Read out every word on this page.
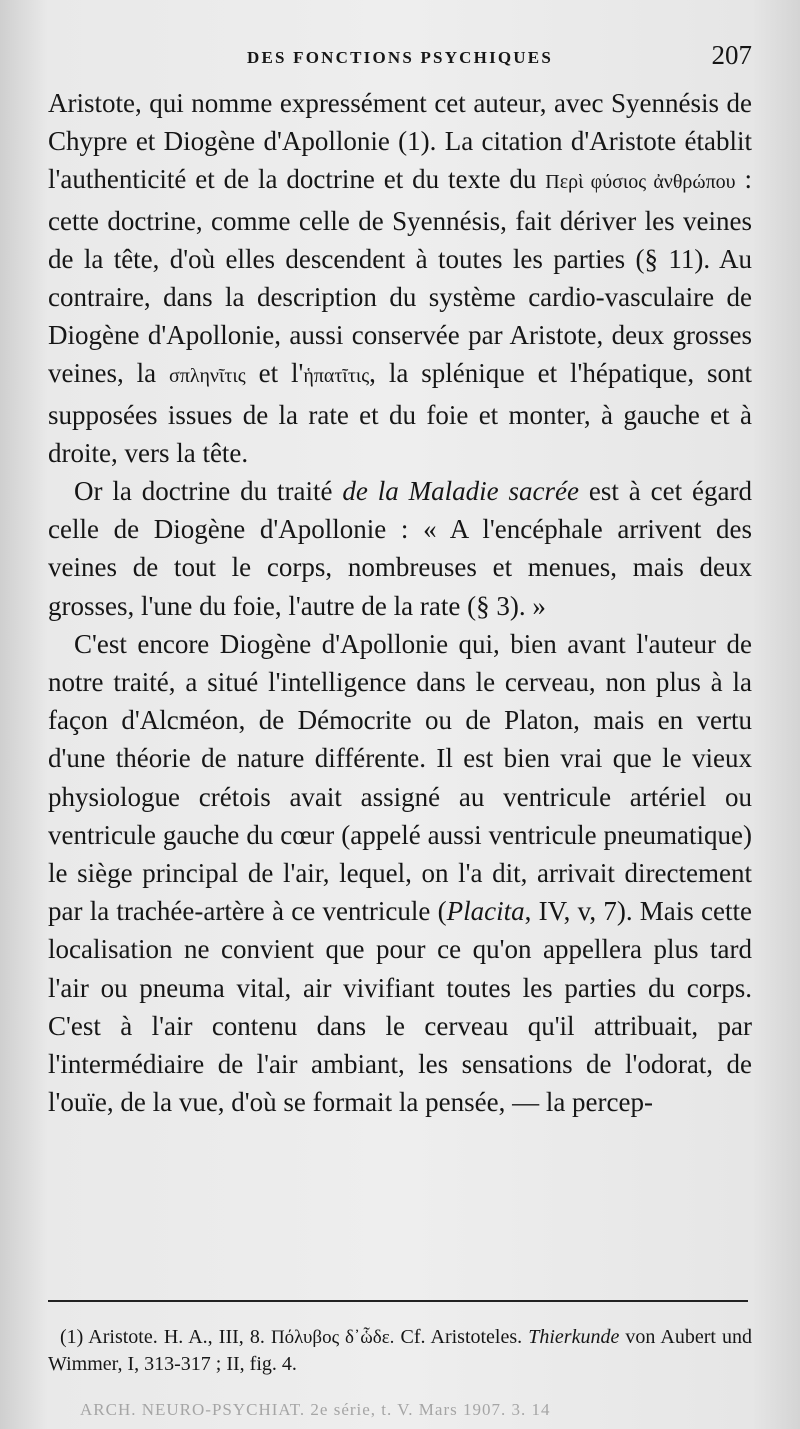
DES FONCTIONS PSYCHIQUES	207

Aristote, qui nomme expressément cet auteur, avec Syennésis de Chypre et Diogène d'Apollonie (1). La citation d'Aristote établit l'authenticité et de la doctrine et du texte du Περὶ φύσιος ἀνθρώπου : cette doctrine, comme celle de Syennésis, fait dériver les veines de la tête, d'où elles descendent à toutes les parties (§ 11). Au contraire, dans la description du système cardio-vasculaire de Diogène d'Apollonie, aussi conservée par Aristote, deux grosses veines, la σπληνῖτις et l'ἡπατῖτις, la splénique et l'hépatique, sont supposées issues de la rate et du foie et monter, à gauche et à droite, vers la tête.

Or la doctrine du traité de la Maladie sacrée est à cet égard celle de Diogène d'Apollonie : « A l'encéphale arrivent des veines de tout le corps, nombreuses et menues, mais deux grosses, l'une du foie, l'autre de la rate (§ 3). »

C'est encore Diogène d'Apollonie qui, bien avant l'auteur de notre traité, a situé l'intelligence dans le cerveau, non plus à la façon d'Alcméon, de Démocrite ou de Platon, mais en vertu d'une théorie de nature différente. Il est bien vrai que le vieux physiologue crétois avait assigné au ventricule artériel ou ventricule gauche du cœur (appelé aussi ventricule pneumatique) le siège principal de l'air, lequel, on l'a dit, arrivait directement par la trachée-artère à ce ventricule (Placita, IV, v, 7). Mais cette localisation ne convient que pour ce qu'on appellera plus tard l'air ou pneuma vital, air vivifiant toutes les parties du corps. C'est à l'air contenu dans le cerveau qu'il attribuait, par l'intermédiaire de l'air ambiant, les sensations de l'odorat, de l'ouïe, de la vue, d'où se formait la pensée, — la percep-

(1) Aristote. H. A., III, 8. Πόλυβος δ᾽ὧδε. Cf. Aristoteles. Thierkunde von Aubert und Wimmer, I, 313-317 ; II, fig. 4.
ARCH. NEURO-PSYCHIAT. 2e série, t. V. Mars 1907. 3. 14
